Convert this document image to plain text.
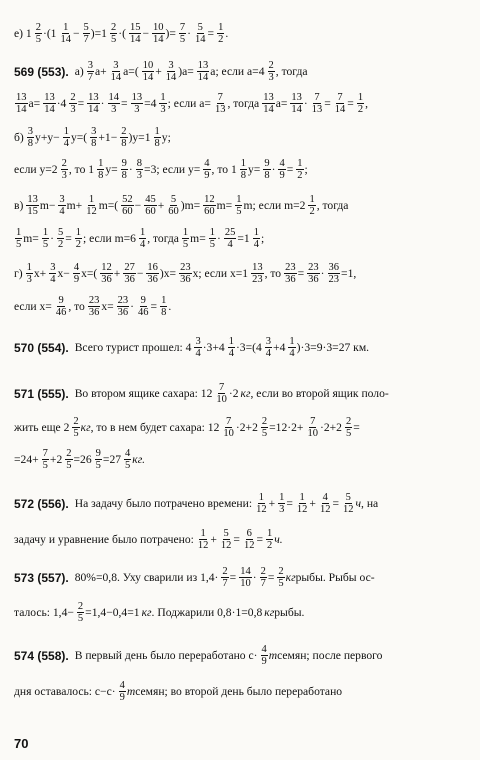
е) $1 \frac{2}{5} \cdot(1 \frac{1}{14} - \frac{5}{7} )=1 \frac{2}{5}$ ·( $\frac{15}{14} - \frac{10}{14}$ )= $\frac{7}{5} \cdot \frac{5}{14} = \frac{1}{2}$ .
569 (553). $а) \frac{3}{7} a+ \frac{3}{14} a=( \frac{10}{14} + \frac{3}{14} )a= \frac{13}{14} a$; если $a=4 \frac{2}{3}$ , тогда
$\frac{13}{14} a= \frac{13}{14} \cdot 4 \frac{2}{3} = \frac{13}{14} \cdot \frac{14}{3} = \frac{13}{3} =4 \frac{1}{3}$ ; если $a= \frac{7}{13}$ , тогда $\frac{13}{14} a= \frac{13}{14} \cdot \frac{7}{13} = \frac{7}{14} = \frac{1}{2}$ ,
$б) \frac{3}{8} y+y- \frac{1}{4} y=( \frac{3}{8} +1- \frac{2}{8} )y=1 \frac{1}{8} y$;
если $y=2 \frac{2}{3}$ , то $1 \frac{1}{8} y= \frac{9}{8} \cdot \frac{8}{3} =3$; если $y= \frac{4}{9}$ , то $1 \frac{1}{8} y= \frac{9}{8} \cdot \frac{4}{9} = \frac{1}{2}$ ;
$в) \frac{13}{15} m- \frac{3}{4} m+ \frac{1}{12} m=( \frac{52}{60} - \frac{45}{60} + \frac{5}{60} )m= \frac{12}{60} m= \frac{1}{5} m$; если $m=2 \frac{1}{2}$ , тогда
$\frac{1}{5} m= \frac{1}{5} \cdot \frac{5}{2} = \frac{1}{2}$ ; если $m=6 \frac{1}{4}$ , тогда $\frac{1}{5} m= \frac{1}{5} \cdot \frac{25}{4} =1 \frac{1}{4}$ ;
$г) \frac{1}{3} x+ \frac{3}{4} x- \frac{4}{9} x=( \frac{12}{36} + \frac{27}{36} - \frac{16}{36} )x= \frac{23}{36} x$; если $x=1 \frac{13}{23}$ , то $\frac{23}{36} = \frac{23}{36} \cdot \frac{36}{23} =1$,
если $x= \frac{9}{46}$ , то $\frac{23}{36} x= \frac{23}{36} \cdot \frac{9}{46} = \frac{1}{8}$ .
570 (554). Всего турист прошел: $4 \frac{3}{4} \cdot 3+4 \frac{1}{4} \cdot 3=(4 \frac{3}{4} +4 \frac{1}{4} )\cdot 3=9\cdot 3=27$ км.
571 (555). Во втором ящике сахара: $12 \frac{7}{10} \cdot 2$ кг , если во второй ящик полo-
жить еще $2 \frac{2}{5}$ кг , то в нем будет сахара: $12 \frac{7}{10} \cdot 2+2 \frac{2}{5} =12\cdot 2+ \frac{7}{10} \cdot 2+2 \frac{2}{5}$ =
$=24+ \frac{7}{5} +2 \frac{2}{5} =26 \frac{9}{5} =27 \frac{4}{5}$ кг.
572 (556). На задачу было потрачено времени: $\frac{1}{12} + \frac{1}{3} = \frac{1}{12} + \frac{4}{12} = \frac{5}{12}$ ч , на
задачу и уравнение было потрачено: $\frac{1}{12} + \frac{5}{12} = \frac{6}{12} = \frac{1}{2} ч$.
573 (557). 80%=0,8. Уху сварили из $1,4\cdot \frac{2}{7} = \frac{14}{10} \cdot \frac{2}{7} = \frac{2}{5}$ кг рыбы. Рыбы ос-
талось: $1,4- \frac{2}{5} =1,4-0,4=1$ кг . Поджарили 0,8·1=0,8 кг рыбы.
574 (558). В первый день было переработано $c\cdot \frac{4}{9}$ т семян; после первого
дня оставалось: $c-c\cdot \frac{4}{9}$ т семян; во второй день было переработано
70
